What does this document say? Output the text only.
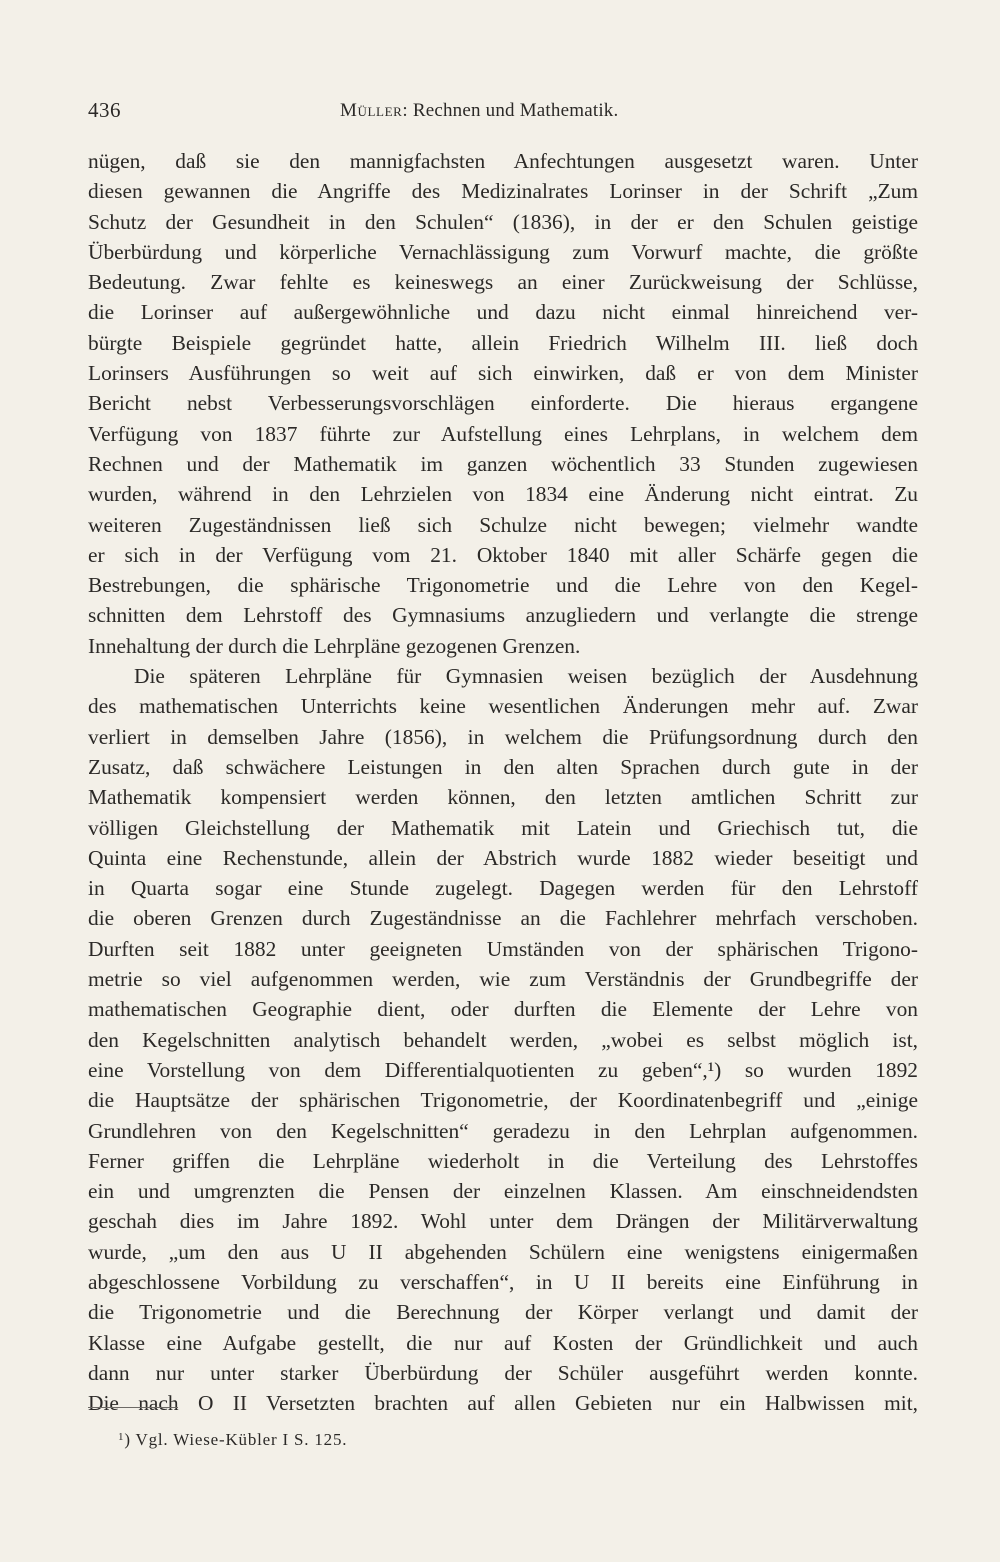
436	Müller: Rechnen und Mathematik.
nügen, daß sie den mannigfachsten Anfechtungen ausgesetzt waren. Unter
diesen gewannen die Angriffe des Medizinalrates Lorinser in der Schrift „Zum
Schutz der Gesundheit in den Schulen“ (1836), in der er den Schulen geistige
Überbürdung und körperliche Vernachlässigung zum Vorwurf machte, die größte
Bedeutung. Zwar fehlte es keineswegs an einer Zurückweisung der Schlüsse,
die Lorinser auf außergewöhnliche und dazu nicht einmal hinreichend ver-
bürgte Beispiele gegründet hatte, allein Friedrich Wilhelm III. ließ doch
Lorinsers Ausführungen so weit auf sich einwirken, daß er von dem Minister
Bericht nebst Verbesserungsvorschlägen einforderte. Die hieraus ergangene
Verfügung von 1837 führte zur Aufstellung eines Lehrplans, in welchem dem
Rechnen und der Mathematik im ganzen wöchentlich 33 Stunden zugewiesen
wurden, während in den Lehrzielen von 1834 eine Änderung nicht eintrat. Zu
weiteren Zugeständnissen ließ sich Schulze nicht bewegen; vielmehr wandte
er sich in der Verfügung vom 21. Oktober 1840 mit aller Schärfe gegen die
Bestrebungen, die sphärische Trigonometrie und die Lehre von den Kegel-
schnitten dem Lehrstoff des Gymnasiums anzugliedern und verlangte die strenge
Innehaltung der durch die Lehrpläne gezogenen Grenzen.
Die späteren Lehrpläne für Gymnasien weisen bezüglich der Ausdehnung
des mathematischen Unterrichts keine wesentlichen Änderungen mehr auf. Zwar
verliert in demselben Jahre (1856), in welchem die Prüfungsordnung durch den
Zusatz, daß schwächere Leistungen in den alten Sprachen durch gute in der
Mathematik kompensiert werden können, den letzten amtlichen Schritt zur
völligen Gleichstellung der Mathematik mit Latein und Griechisch tut, die
Quinta eine Rechenstunde, allein der Abstrich wurde 1882 wieder beseitigt und
in Quarta sogar eine Stunde zugelegt. Dagegen werden für den Lehrstoff
die oberen Grenzen durch Zugeständnisse an die Fachlehrer mehrfach verschoben.
Durften seit 1882 unter geeigneten Umständen von der sphärischen Trigono-
metrie so viel aufgenommen werden, wie zum Verständnis der Grundbegriffe der
mathematischen Geographie dient, oder durften die Elemente der Lehre von
den Kegelschnitten analytisch behandelt werden, „wobei es selbst möglich ist,
eine Vorstellung von dem Differentialquotienten zu geben“,¹) so wurden 1892
die Hauptsätze der sphärischen Trigonometrie, der Koordinatenbegriff und „einige
Grundlehren von den Kegelschnitten“ geradezu in den Lehrplan aufgenommen.
Ferner griffen die Lehrpläne wiederholt in die Verteilung des Lehrstoffes
ein und umgrenzten die Pensen der einzelnen Klassen. Am einschneidendsten
geschah dies im Jahre 1892. Wohl unter dem Drängen der Militärverwaltung
wurde, „um den aus U II abgehenden Schülern eine wenigstens einigermaßen
abgeschlossene Vorbildung zu verschaffen“, in U II bereits eine Einführung in
die Trigonometrie und die Berechnung der Körper verlangt und damit der
Klasse eine Aufgabe gestellt, die nur auf Kosten der Gründlichkeit und auch
dann nur unter starker Überbürdung der Schüler ausgeführt werden konnte.
Die nach O II Versetzten brachten auf allen Gebieten nur ein Halbwissen mit,
$^1$) Vgl. Wiese-Kübler I S. 125.
